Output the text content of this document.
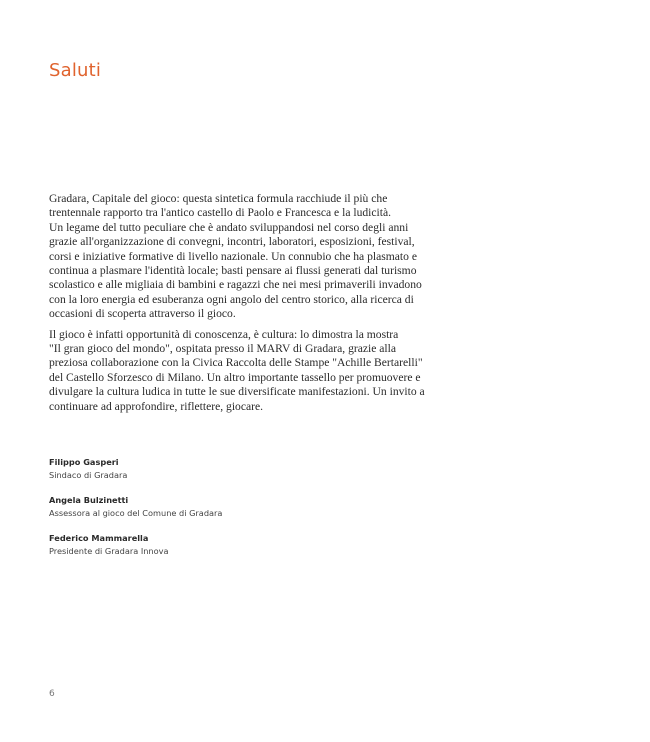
Saluti
Gradara, Capitale del gioco: questa sintetica formula racchiude il più che
trentennale rapporto tra l'antico castello di Paolo e Francesca e la ludicità.
Un legame del tutto peculiare che è andato sviluppandosi nel corso degli anni
grazie all'organizzazione di convegni, incontri, laboratori, esposizioni, festival,
corsi e iniziative formative di livello nazionale. Un connubio che ha plasmato e
continua a plasmare l'identità locale; basti pensare ai flussi generati dal turismo
scolastico e alle migliaia di bambini e ragazzi che nei mesi primaverili invadono
con la loro energia ed esuberanza ogni angolo del centro storico, alla ricerca di
occasioni di scoperta attraverso il gioco.
Il gioco è infatti opportunità di conoscenza, è cultura: lo dimostra la mostra
"Il gran gioco del mondo", ospitata presso il MARV di Gradara, grazie alla
preziosa collaborazione con la Civica Raccolta delle Stampe "Achille Bertarelli"
del Castello Sforzesco di Milano. Un altro importante tassello per promuovere e
divulgare la cultura ludica in tutte le sue diversificate manifestazioni. Un invito a
continuare ad approfondire, riflettere, giocare.
Filippo Gasperi
Sindaco di Gradara
Angela Bulzinetti
Assessora al gioco del Comune di Gradara
Federico Mammarella
Presidente di Gradara Innova
6
